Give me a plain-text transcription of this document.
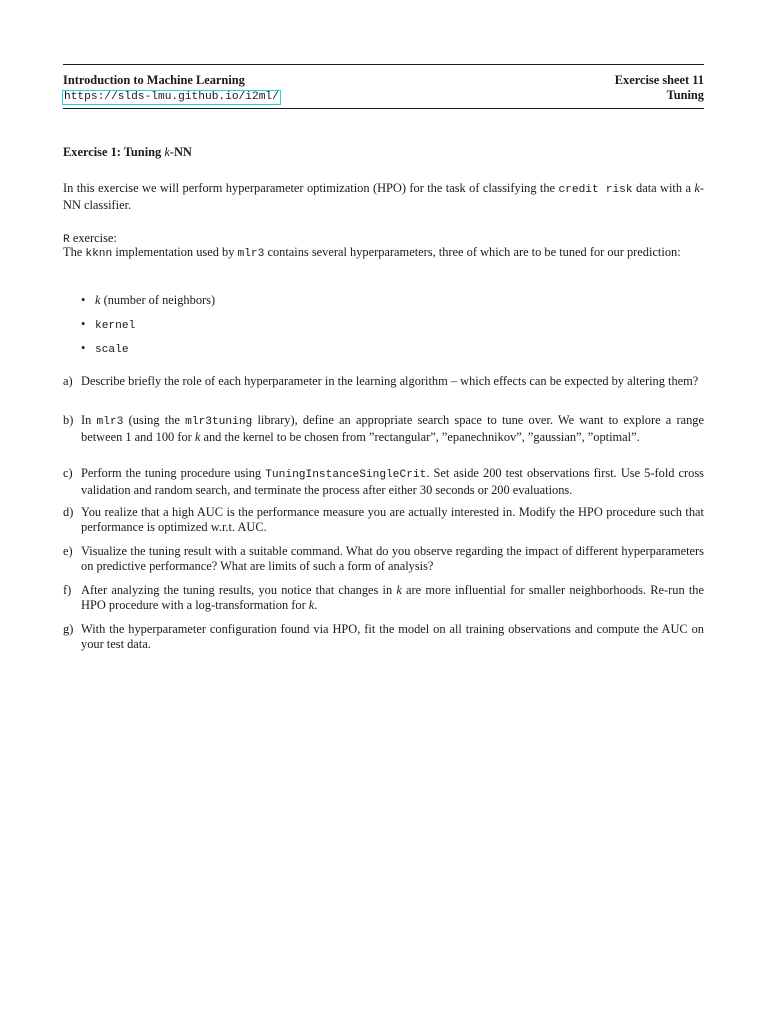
Introduction to Machine Learning	Exercise sheet 11
https://slds-lmu.github.io/i2ml/	Tuning
Exercise 1: Tuning k-NN
In this exercise we will perform hyperparameter optimization (HPO) for the task of classifying the credit risk data with a k-NN classifier.
R exercise:
The kknn implementation used by mlr3 contains several hyperparameters, three of which are to be tuned for our prediction:
• k (number of neighbors)
• kernel
• scale
a) Describe briefly the role of each hyperparameter in the learning algorithm – which effects can be expected by altering them?
b) In mlr3 (using the mlr3tuning library), define an appropriate search space to tune over. We want to explore a range between 1 and 100 for k and the kernel to be chosen from ”rectangular”, ”epanechnikov”, ”gaussian”, ”optimal”.
c) Perform the tuning procedure using TuningInstanceSingleCrit. Set aside 200 test observations first. Use 5-fold cross validation and random search, and terminate the process after either 30 seconds or 200 evaluations.
d) You realize that a high AUC is the performance measure you are actually interested in. Modify the HPO procedure such that performance is optimized w.r.t. AUC.
e) Visualize the tuning result with a suitable command. What do you observe regarding the impact of different hyperparameters on predictive performance? What are limits of such a form of analysis?
f) After analyzing the tuning results, you notice that changes in k are more influential for smaller neighborhoods. Re-run the HPO procedure with a log-transformation for k.
g) With the hyperparameter configuration found via HPO, fit the model on all training observations and compute the AUC on your test data.
